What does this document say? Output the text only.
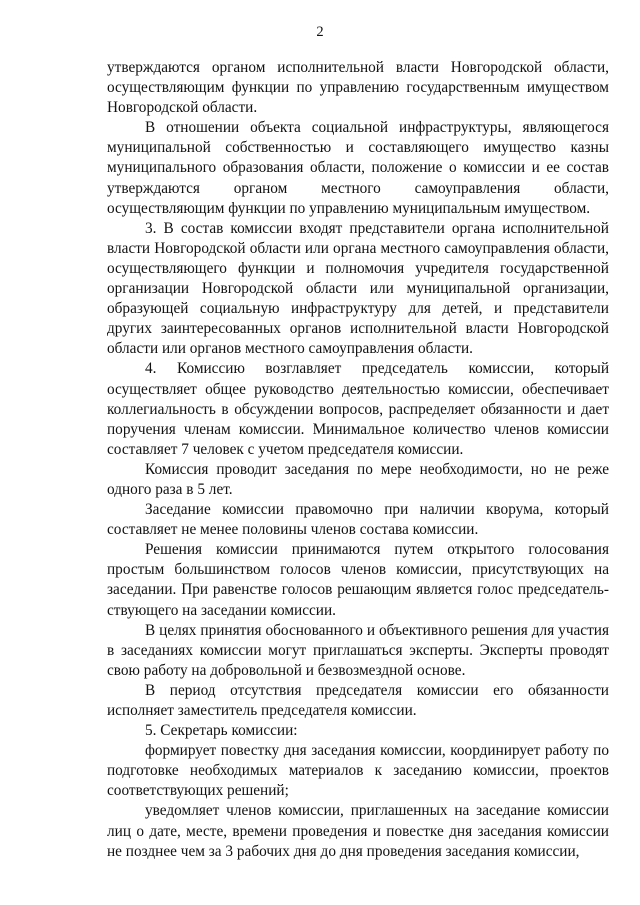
2

утверждаются органом исполнительной власти Новгородской области, осуществляющим функции по управлению государственным имуществом Новгородской области.

В отношении объекта социальной инфраструктуры, являющегося муниципальной собственностью и составляющего имущество казны муниципального образования области, положение о комиссии и ее состав утверждаются органом местного самоуправления области, осуществляющим функции по управлению муниципальным имуществом.

3. В состав комиссии входят представители органа исполнительной власти Новгородской области или органа местного самоуправления области, осуществляющего функции и полномочия учредителя государственной организации Новгородской области или муниципальной организации, образующей социальную инфраструктуру для детей, и представители других заинтересованных органов исполнительной власти Новгородской области или органов местного самоуправления области.

4. Комиссию возглавляет председатель комиссии, который осуществляет общее руководство деятельностью комиссии, обеспечивает коллегиальность в обсуждении вопросов, распределяет обязанности и дает поручения членам комиссии. Минимальное количество членов комиссии составляет 7 человек с учетом председателя комиссии.

Комиссия проводит заседания по мере необходимости, но не реже одного раза в 5 лет.

Заседание комиссии правомочно при наличии кворума, который составляет не менее половины членов состава комиссии.

Решения комиссии принимаются путем открытого голосования простым большинством голосов членов комиссии, присутствующих на заседании. При равенстве голосов решающим является голос председательствующего на заседании комиссии.

В целях принятия обоснованного и объективного решения для участия в заседаниях комиссии могут приглашаться эксперты. Эксперты проводят свою работу на добровольной и безвозмездной основе.

В период отсутствия председателя комиссии его обязанности исполняет заместитель председателя комиссии.

5. Секретарь комиссии:

формирует повестку дня заседания комиссии, координирует работу по подготовке необходимых материалов к заседанию комиссии, проектов соответствующих решений;

уведомляет членов комиссии, приглашенных на заседание комиссии лиц о дате, месте, времени проведения и повестке дня заседания комиссии не позднее чем за 3 рабочих дня до дня проведения заседания комиссии,
